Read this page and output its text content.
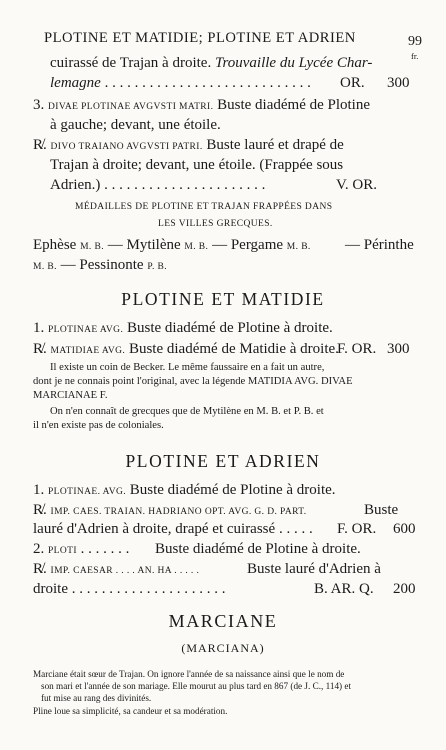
PLOTINE ET MATIDIE; PLOTINE ET ADRIEN	99
fr.
cuirassé de Trajan à droite. Trouvaille du Lycée Char-
lemagne . . . . . . . . . . . . . . . . . . . . . . . . . . . . OR. 300
3. DIVAE PLOTINAE AVGVSTI MATRI. Buste diadémé de Plotine
à gauche; devant, une étoile.
R̸. DIVO TRAIANO AVGVSTI PATRI. Buste lauré et drapé de
Trajan à droite; devant, une étoile. (Frappée sous
Adrien.) . . . . . . . . . . . . . . . . . . . . . .	V. OR.
MÉDAILLES DE PLOTINE ET TRAJAN FRAPPÉES DANS
LES VILLES GRECQUES.
Ephèse M. B. — Mytilène M. B. — Pergame M. B. — Périnthe
M. B. — Pessinonte P. B.
PLOTINE ET MATIDIE
1. PLOTINAE AVG. Buste diadémé de Plotine à droite.
R̸. MATIDIAE AVG. Buste diadémé de Matidie à droite.
F. OR. 300
Il existe un coin de Becker. Le même faussaire en a fait un autre,
dont je ne connais point l'original, avec la légende MATIDIA AVG. DIVAE
MARCIANAE F.
On n'en connaît de grecques que de Mytilène en M. B. et P. B. et
il n'en existe pas de coloniales.
PLOTINE ET ADRIEN
1. PLOTINAE. AVG. Buste diadémé de Plotine à droite.
R̸. IMP. CAES. TRAIAN. HADRIANO OPT. AVG. G. D. PART.	Buste
lauré d'Adrien à droite, drapé et cuirassé . . . . . F. OR. 600
2. PLOTI . . . . . . . Buste diadémé de Plotine à droite.
R̸. IMP. CAESAR . . . . AN. HA . . . . .	Buste lauré d'Adrien à
droite . . . . . . . . . . . . . . . . . . . . .	B. AR. Q. 200
MARCIANE
(MARCIANA)
Marciane était sœur de Trajan. On ignore l'année de sa naissance ainsi que le nom de
son mari et l'année de son mariage. Elle mourut au plus tard en 867 (de J. C., 114) et
fut mise au rang des divinités.
Pline loue sa simplicité, sa candeur et sa modération.
